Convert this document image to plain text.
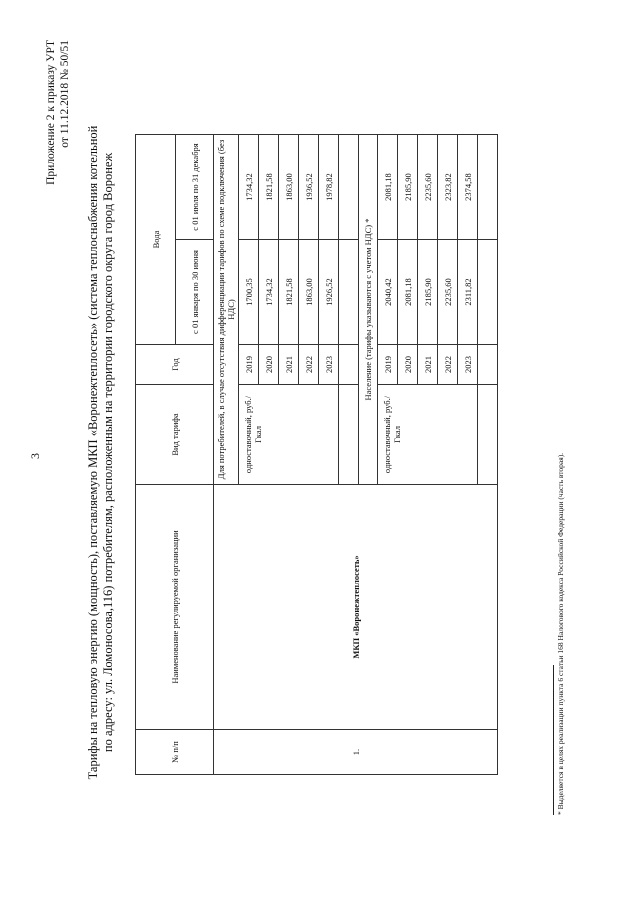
3
Приложение 2 к приказу УРТ от 11.12.2018 № 50/51
Тарифы на тепловую энергию (мощность), поставляемую МКП «Воронежтеплосеть» (система теплоснабжения котельной по адресу: ул. Ломоносова,116) потребителям, расположенным на территории городского округа город Воронеж	№ п/п	Наименование регулируемой организации	Вид тарифа	Год	Вода	
				с 01 января по 30 июня	с 01 июля по 31 декабря
1.	МКП «Воронежтеплосеть»	Для потребителей, в случае отсутствия дифференциации тарифов по схеме подключения (без НДС)			
		одноставочный, руб./Гкал	2019	1700,35	1734,32
			2020	1734,32	1821,58
			2021	1821,58	1863,00
			2022	1863,00	1936,52
			2023	1926,52	1978,82

		Население (тарифы указываются с учетом НДС) *			
		одноставочный, руб./Гкал	2019	2040,42	2081,18
			2020	2081,18	2185,90
			2021	2185,90	2235,60
			2022	2235,60	2323,82
			2023	2311,82	2374,58

* Выделяется в целях реализации пункта 6 статьи 168 Налогового кодекса Российской Федерации (часть вторая).
